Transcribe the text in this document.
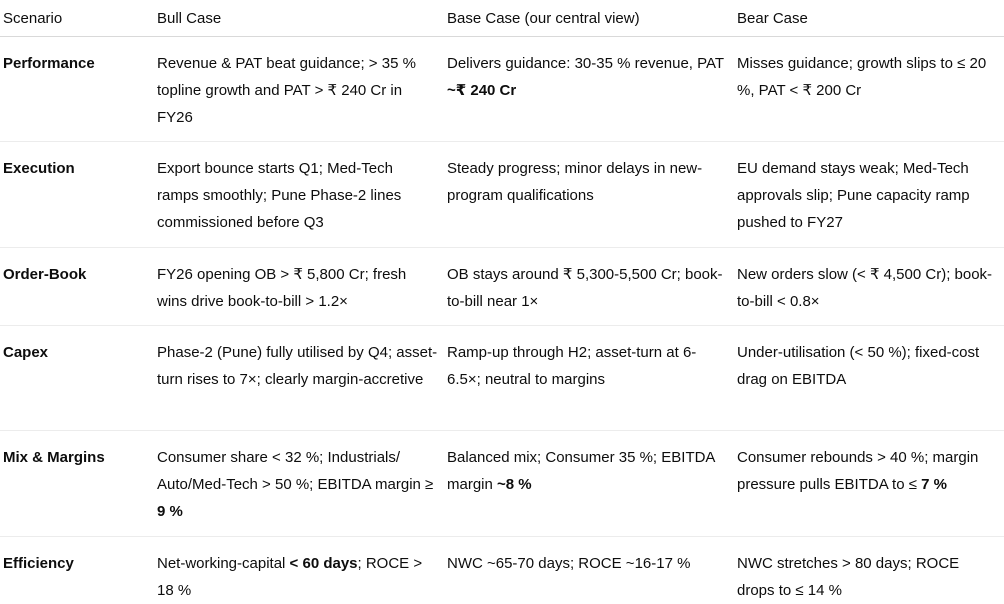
Scenario	Bull Case	Base Case (our central view)	Bear Case
Performance	Revenue & PAT beat guidance; > 35 % topline growth and PAT > ₹ 240 Cr in FY26	Delivers guidance: 30-35 % revenue, PAT ~₹ 240 Cr	Misses guidance; growth slips to ≤ 20 %, PAT < ₹ 200 Cr
Execution	Export bounce starts Q1; Med-Tech ramps smoothly; Pune Phase-2 lines commissioned before Q3	Steady progress; minor delays in new-program qualifications	EU demand stays weak; Med-Tech approvals slip; Pune capacity ramp pushed to FY27
Order-Book	FY26 opening OB > ₹ 5,800 Cr; fresh wins drive book-to-bill > 1.2×	OB stays around ₹ 5,300-5,500 Cr; book-to-bill near 1×	New orders slow (< ₹ 4,500 Cr); book-to-bill < 0.8×
Capex	Phase-2 (Pune) fully utilised by Q4; asset-turn rises to 7×; clearly margin-accretive	Ramp-up through H2; asset-turn at 6-6.5×; neutral to margins	Under-utilisation (< 50 %); fixed-cost drag on EBITDA
Mix & Margins	Consumer share < 32 %; Industrials/ Auto/Med-Tech > 50 %; EBITDA margin ≥ 9 %	Balanced mix; Consumer 35 %; EBITDA margin ~8 %	Consumer rebounds > 40 %; margin pressure pulls EBITDA to ≤ 7 %
Efficiency	Net-working-capital < 60 days; ROCE > 18 %	NWC ~65-70 days; ROCE ~16-17 %	NWC stretches > 80 days; ROCE drops to ≤ 14 %
